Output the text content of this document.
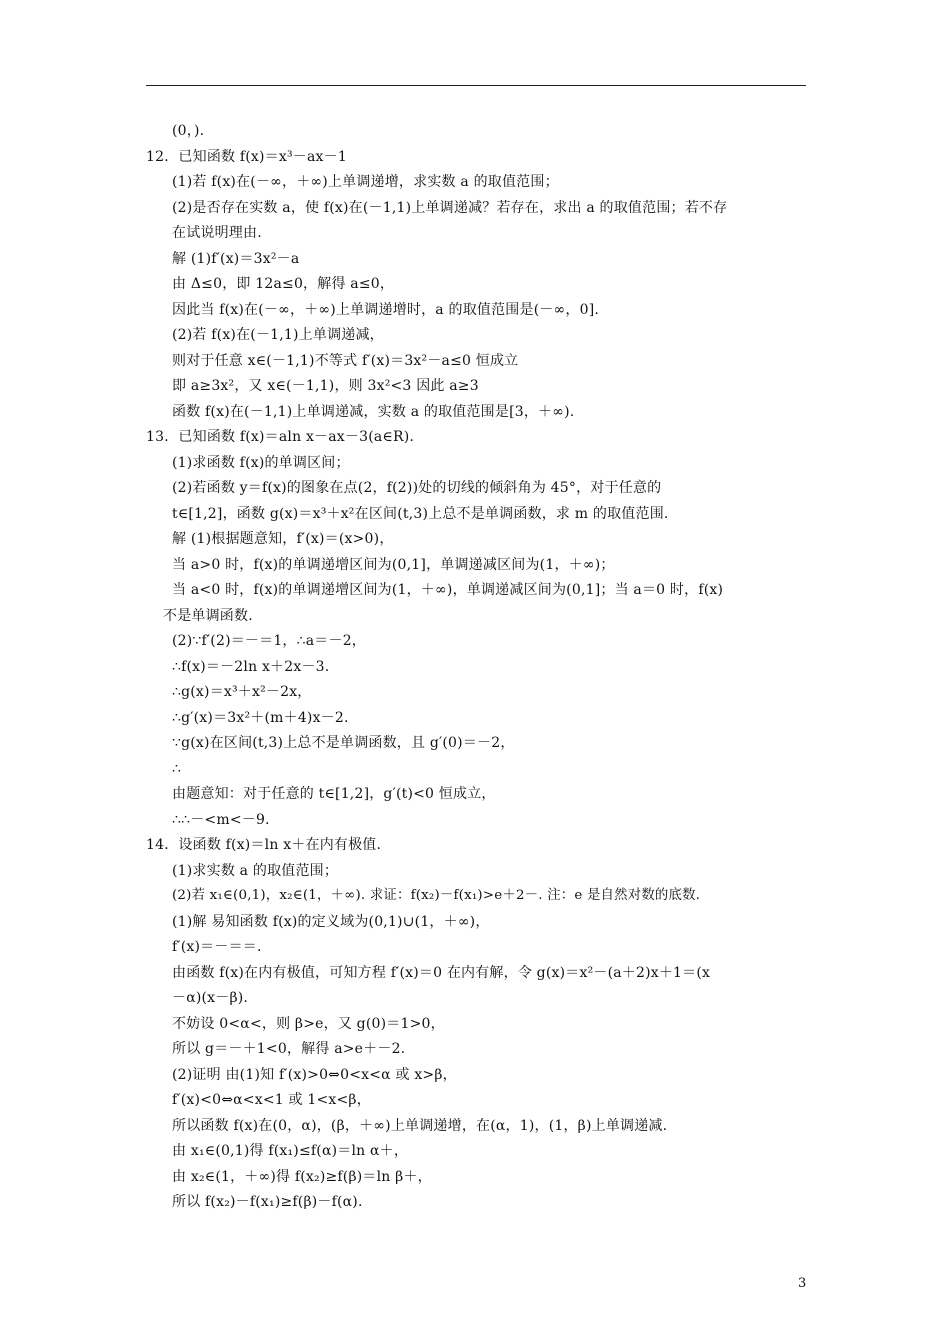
(0，).
12．已知函数 f(x)＝x³－ax－1
(1)若 f(x)在(－∞，＋∞)上单调递增，求实数 a 的取值范围；
(2)是否存在实数 a，使 f(x)在(－1,1)上单调递减？若存在，求出 a 的取值范围；若不存
在试说明理由.
解 (1)f′(x)＝3x²－a
由 Δ≤0，即 12a≤0，解得 a≤0，
因此当 f(x)在(－∞，＋∞)上单调递增时，a 的取值范围是(－∞，0].
(2)若 f(x)在(－1,1)上单调递减，
则对于任意 x∈(－1,1)不等式 f′(x)＝3x²－a≤0 恒成立
即 a≥3x²，又 x∈(－1,1)，则 3x²<3 因此 a≥3
函数 f(x)在(－1,1)上单调递减，实数 a 的取值范围是[3，＋∞).
13．已知函数 f(x)＝aln x－ax－3(a∈R).
(1)求函数 f(x)的单调区间；
(2)若函数 y＝f(x)的图象在点(2，f(2))处的切线的倾斜角为 45°，对于任意的
t∈[1,2]，函数 g(x)＝x³＋x²在区间(t,3)上总不是单调函数，求 m 的取值范围.
解 (1)根据题意知，f′(x)＝(x>0)，
当 a>0 时，f(x)的单调递增区间为(0,1]，单调递减区间为(1，＋∞)；
当 a<0 时，f(x)的单调递增区间为(1，＋∞)，单调递减区间为(0,1]；当 a＝0 时，f(x)
不是单调函数.
(2)∵f′(2)＝－＝1，∴a＝－2，
∴f(x)＝－2ln x＋2x－3.
∴g(x)＝x³＋x²－2x，
∴g′(x)＝3x²＋(m＋4)x－2.
∵g(x)在区间(t,3)上总不是单调函数，且 g′(0)＝－2，
∴
由题意知：对于任意的 t∈[1,2]，g′(t)<0 恒成立，
∴∴－<m<－9.
14．设函数 f(x)＝ln x＋在内有极值.
(1)求实数 a 的取值范围；
(2)若 x₁∈(0,1)，x₂∈(1，＋∞). 求证：f(x₂)－f(x₁)>e＋2－. 注：e 是自然对数的底数.
(1)解 易知函数 f(x)的定义域为(0,1)∪(1，＋∞)，
f′(x)＝－＝＝.
由函数 f(x)在内有极值，可知方程 f′(x)＝0 在内有解，令 g(x)＝x²－(a＋2)x＋1＝(x
－α)(x－β).
不妨设 0<α<，则 β>e，又 g(0)＝1>0，
所以 g＝－＋1<0，解得 a>e＋－2.
(2)证明 由(1)知 f′(x)>0⇔0<x<α 或 x>β，
f′(x)<0⇔α<x<1 或 1<x<β，
所以函数 f(x)在(0，α)，(β，＋∞)上单调递增，在(α，1)，(1，β)上单调递减.
由 x₁∈(0,1)得 f(x₁)≤f(α)＝ln α＋，
由 x₂∈(1，＋∞)得 f(x₂)≥f(β)＝ln β＋，
所以 f(x₂)－f(x₁)≥f(β)－f(α).
3
